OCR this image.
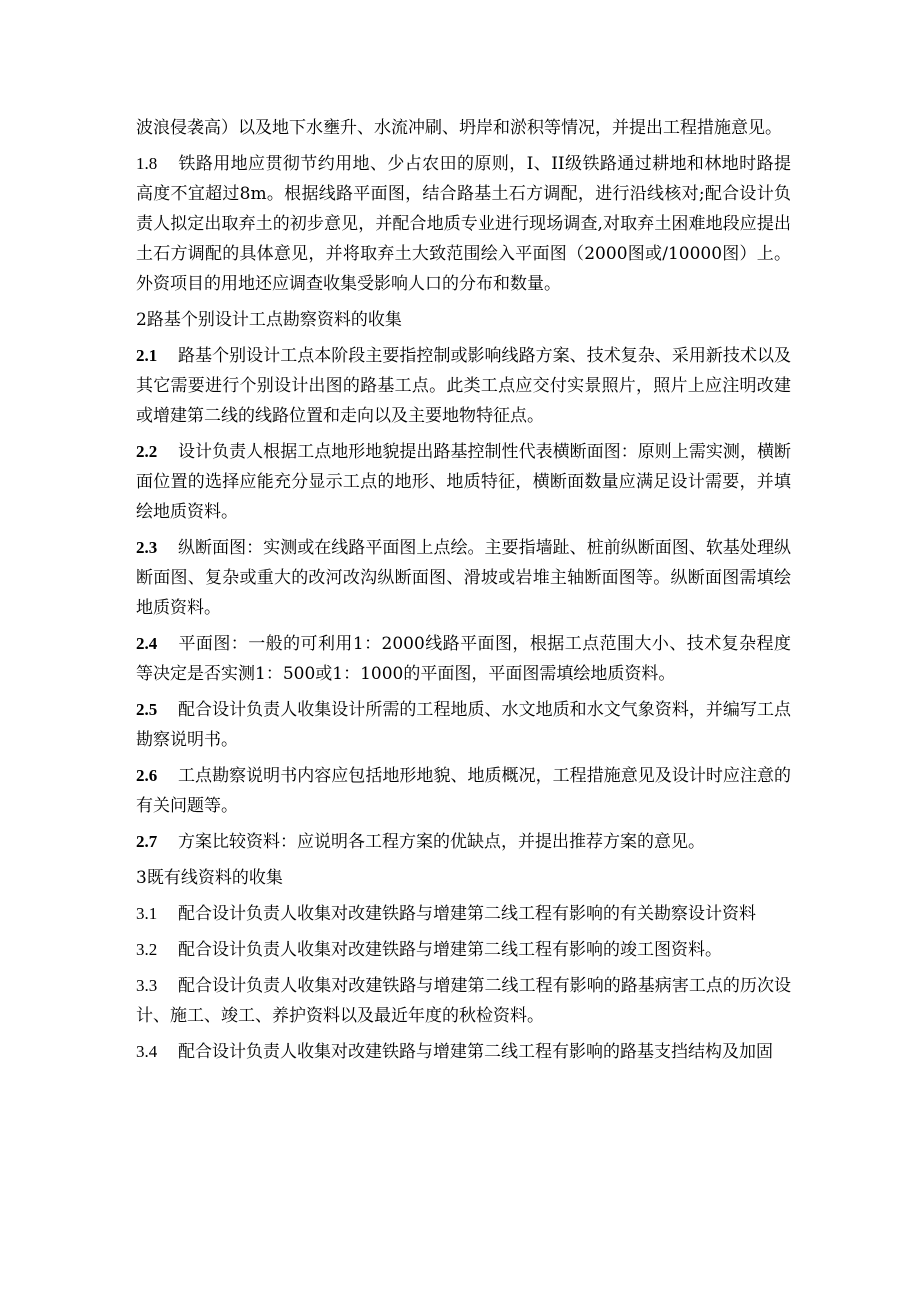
波浪侵袭高）以及地下水壅升、水流冲刷、坍岸和淤积等情况，并提出工程措施意见。

1.8 铁路用地应贯彻节约用地、少占农田的原则，I、II级铁路通过耕地和林地时路提高度不宜超过8m。根据线路平面图，结合路基土石方调配，进行沿线核对;配合设计负责人拟定出取弃土的初步意见，并配合地质专业进行现场调查,对取弃土困难地段应提出土石方调配的具体意见，并将取弃土大致范围绘入平面图（2000图或/10000图）上。外资项目的用地还应调查收集受影响人口的分布和数量。

2路基个别设计工点勘察资料的收集

2.1 路基个别设计工点本阶段主要指控制或影响线路方案、技术复杂、采用新技术以及其它需要进行个别设计出图的路基工点。此类工点应交付实景照片，照片上应注明改建或增建第二线的线路位置和走向以及主要地物特征点。

2.2 设计负责人根据工点地形地貌提出路基控制性代表横断面图：原则上需实测，横断面位置的选择应能充分显示工点的地形、地质特征，横断面数量应满足设计需要，并填绘地质资料。

2.3 纵断面图：实测或在线路平面图上点绘。主要指墙趾、桩前纵断面图、软基处理纵断面图、复杂或重大的改河改沟纵断面图、滑坡或岩堆主轴断面图等。纵断面图需填绘地质资料。

2.4 平面图：一般的可利用1：2000线路平面图，根据工点范围大小、技术复杂程度等决定是否实测1：500或1：1000的平面图，平面图需填绘地质资料。

2.5 配合设计负责人收集设计所需的工程地质、水文地质和水文气象资料，并编写工点勘察说明书。

2.6 工点勘察说明书内容应包括地形地貌、地质概况，工程措施意见及设计时应注意的有关问题等。

2.7 方案比较资料：应说明各工程方案的优缺点，并提出推荐方案的意见。

3既有线资料的收集

3.1 配合设计负责人收集对改建铁路与增建第二线工程有影响的有关勘察设计资料

3.2 配合设计负责人收集对改建铁路与增建第二线工程有影响的竣工图资料。

3.3 配合设计负责人收集对改建铁路与增建第二线工程有影响的路基病害工点的历次设计、施工、竣工、养护资料以及最近年度的秋检资料。

3.4 配合设计负责人收集对改建铁路与增建第二线工程有影响的路基支挡结构及加固
